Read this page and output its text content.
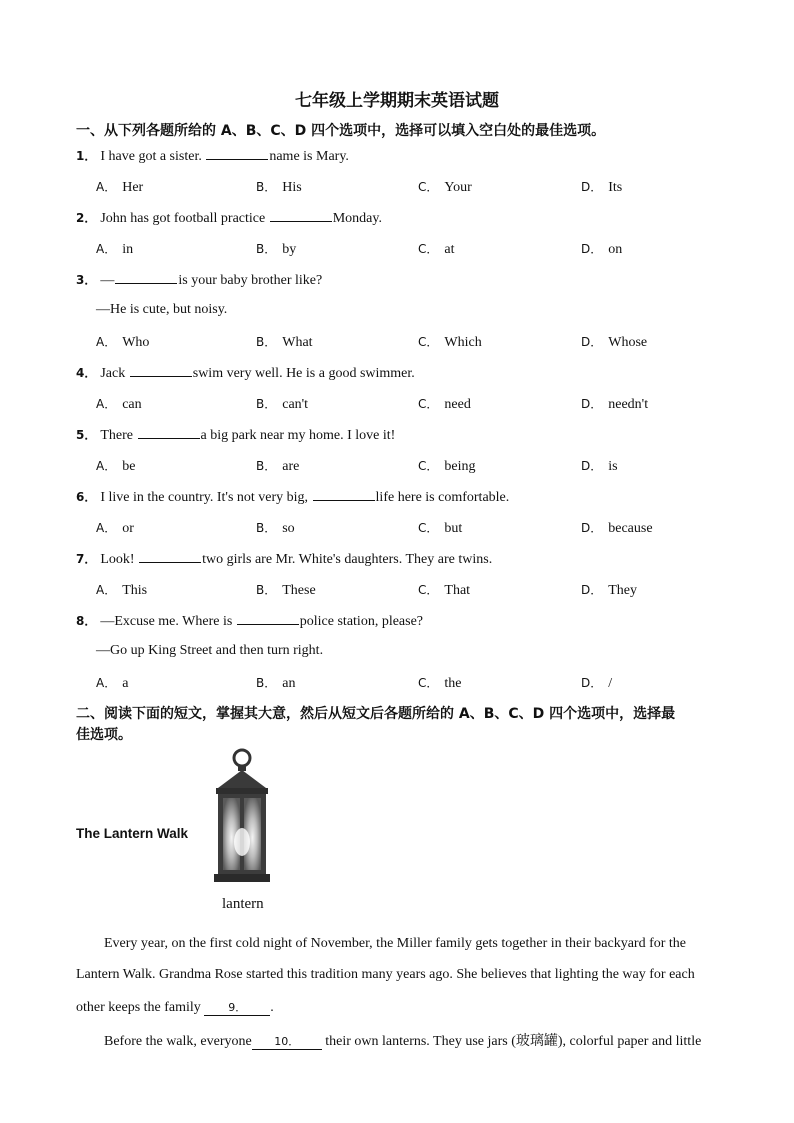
七年级上学期期末英语试题
一、从下列各题所给的 A、B、C、D 四个选项中，选择可以填入空白处的最佳选项。
1． I have got a sister.	name is Mary.
A． Her	B． His	C． Your	D． Its
2． John has got football practice	Monday.
A． in	B． by	C． at	D． on
3． —	is your baby brother like?
—He is cute, but noisy.
A． Who	B． What	C． Which	D． Whose
4． Jack	swim very well. He is a good swimmer.
A． can	B． can't	C． need	D． needn't
5． There	a big park near my home. I love it!
A． be	B． are	C． being	D． is
6． I live in the country. It's not very big,	life here is comfortable.
A． or	B． so	C． but	D． because
7． Look!	two girls are Mr. White's daughters. They are twins.
A． This	B． These	C． That	D． They
8． —Excuse me. Where is	police station, please?
—Go up King Street and then turn right.
A． a	B． an	C． the	D． /
二、阅读下面的短文，掌握其大意，然后从短文后各题所给的 A、B、C、D 四个选项中，选择最
佳选项。
The Lantern Walk
lantern
Every year, on the first cold night of November, the Miller family gets together in their backyard for the
Lantern Walk. Grandma Rose started this tradition many years ago. She believes that lighting the way for each
other keeps the family 9． .
Before the walk, everyone 10． their own lanterns. They use jars (玻璃罐), colorful paper and little
